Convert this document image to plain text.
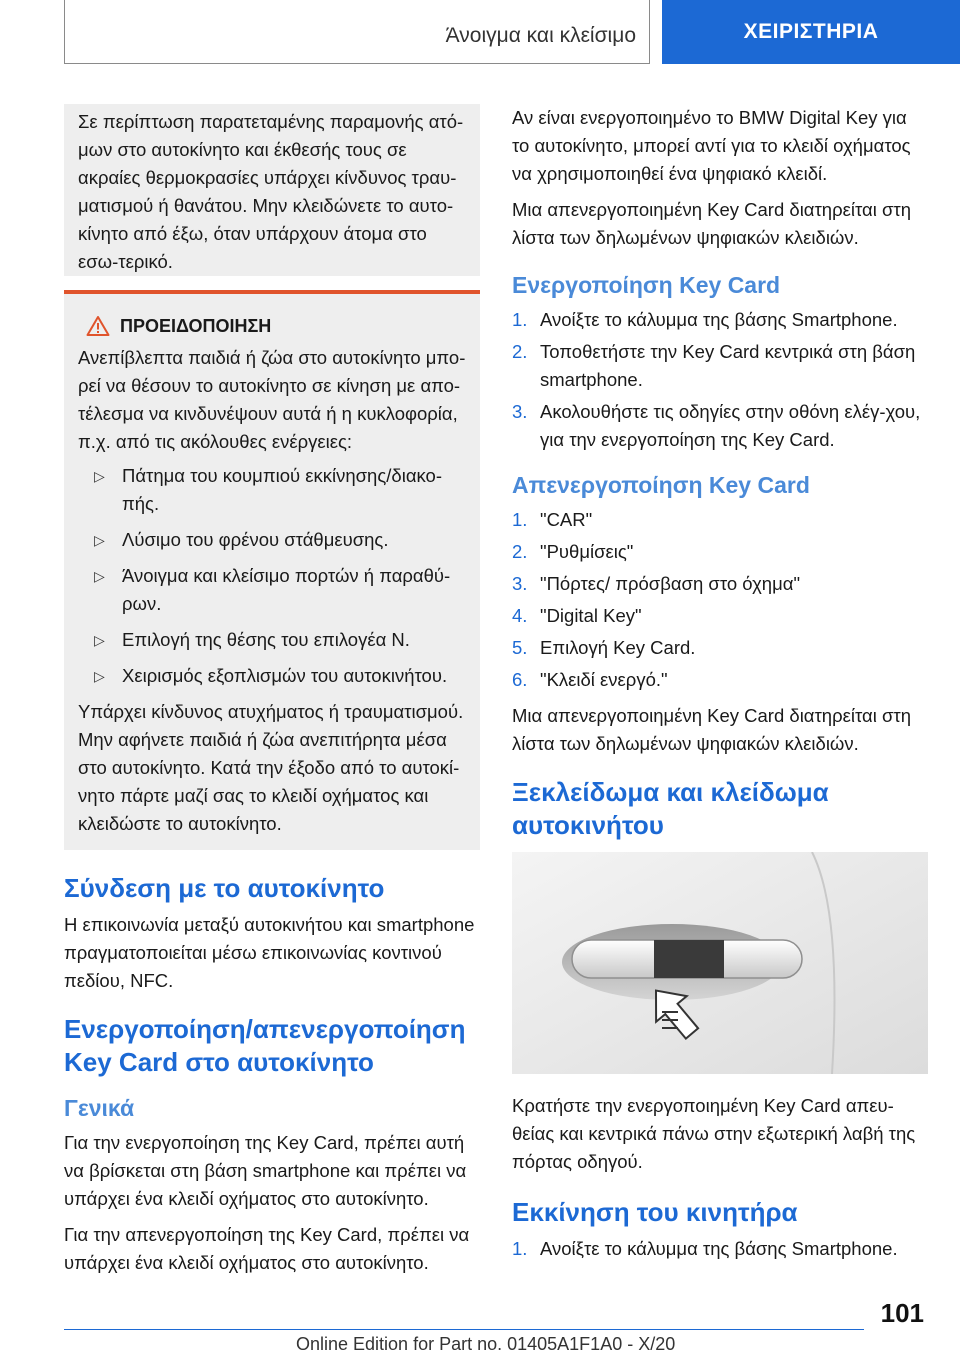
Άνοιγμα και κλείσιμο	ΧΕΙΡΙΣΤΗΡΙΑ

Σε περίπτωση παρατεταμένης παραμονής ατό-μων στο αυτοκίνητο και έκθεσής τους σε ακραίες θερμοκρασίες υπάρχει κίνδυνος τραυ-ματισμού ή θανάτου. Μην κλειδώνετε το αυτο-κίνητο από έξω, όταν υπάρχουν άτομα στο εσω-τερικό.

ΠΡΟΕΙΔΟΠΟΙΗΣΗ

Ανεπίβλεπτα παιδιά ή ζώα στο αυτοκίνητο μπο-ρεί να θέσουν το αυτοκίνητο σε κίνηση με απο-τέλεσμα να κινδυνέψουν αυτά ή η κυκλοφορία, π.χ. από τις ακόλουθες ενέργειες:

▷ Πάτημα του κουμπιού εκκίνησης/διακο-πής.
▷ Λύσιμο του φρένου στάθμευσης.
▷ Άνοιγμα και κλείσιμο πορτών ή παραθύ-ρων.
▷ Επιλογή της θέσης του επιλογέα N.
▷ Χειρισμός εξοπλισμών του αυτοκινήτου.

Υπάρχει κίνδυνος ατυχήματος ή τραυματισμού. Μην αφήνετε παιδιά ή ζώα ανεπιτήρητα μέσα στο αυτοκίνητο. Κατά την έξοδο από το αυτοκί-νητο πάρτε μαζί σας το κλειδί οχήματος και κλειδώστε το αυτοκίνητο.

Σύνδεση με το αυτοκίνητο

Η επικοινωνία μεταξύ αυτοκινήτου και smartphone πραγματοποιείται μέσω επικοινωνίας κοντινού πεδίου, NFC.

Ενεργοποίηση/απενεργοποίηση Key Card στο αυτοκίνητο
Γενικά

Για την ενεργοποίηση της Key Card, πρέπει αυτή να βρίσκεται στη βάση smartphone και πρέπει να υπάρχει ένα κλειδί οχήματος στο αυτοκίνητο.

Για την απενεργοποίηση της Key Card, πρέπει να υπάρχει ένα κλειδί οχήματος στο αυτοκίνητο.

Αν είναι ενεργοποιημένο το BMW Digital Key για το αυτοκίνητο, μπορεί αντί για το κλειδί οχήματος να χρησιμοποιηθεί ένα ψηφιακό κλειδί.

Μια απενεργοποιημένη Key Card διατηρείται στη λίστα των δηλωμένων ψηφιακών κλειδιών.

Ενεργοποίηση Key Card
1. Ανοίξτε το κάλυμμα της βάσης Smartphone.
2. Τοποθετήστε την Key Card κεντρικά στη βάση smartphone.
3. Ακολουθήστε τις οδηγίες στην οθόνη ελέγ-χου, για την ενεργοποίηση της Key Card.
Απενεργοποίηση Key Card
1. "CAR"
2. "Ρυθμίσεις"
3. "Πόρτες/ πρόσβαση στο όχημα"
4. "Digital Key"
5. Επιλογή Key Card.
6. "Κλειδί ενεργό."

Μια απενεργοποιημένη Key Card διατηρείται στη λίστα των δηλωμένων ψηφιακών κλειδιών.

Ξεκλείδωμα και κλείδωμα αυτοκινήτου

Κρατήστε την ενεργοποιημένη Key Card απευ-θείας και κεντρικά πάνω στην εξωτερική λαβή της πόρτας οδηγού.

Εκκίνηση του κινητήρα
1. Ανοίξτε το κάλυμμα της βάσης Smartphone.
101
Online Edition for Part no. 01405A1F1A0 - X/20
